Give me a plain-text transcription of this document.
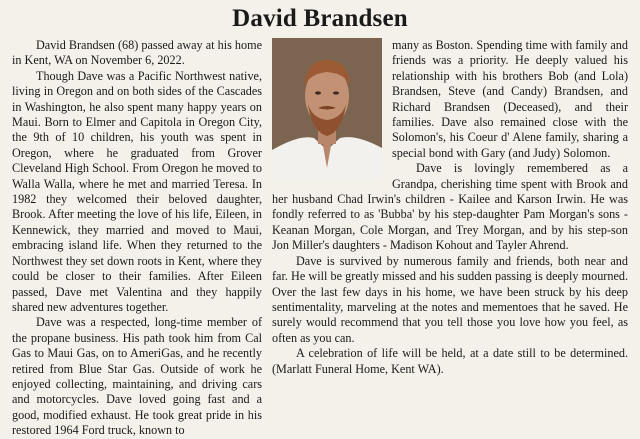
David Brandsen

David Brandsen (68) passed away at his home in Kent, WA on November 6, 2022.

Though Dave was a Pacific Northwest native, living in Oregon and on both sides of the Cascades in Washington, he also spent many happy years on Maui. Born to Elmer and Capitola in Oregon City, the 9th of 10 children, his youth was spent in Oregon, where he graduated from Grover Cleveland High School. From Oregon he moved to Walla Walla, where he met and married Teresa. In 1982 they welcomed their beloved daughter, Brook. After meeting the love of his life, Eileen, in Kennewick, they married and moved to Maui, embracing island life. When they returned to the Northwest they set down roots in Kent, where they could be closer to their families. After Eileen passed, Dave met Valentina and they happily shared new adventures together.

Dave was a respected, long-time member of the propane business. His path took him from Cal Gas to Maui Gas, on to AmeriGas, and he recently retired from Blue Star Gas. Outside of work he enjoyed collecting, maintaining, and driving cars and motorcycles. Dave loved going fast and a good, modified exhaust. He took great pride in his restored 1964 Ford truck, known to

many as Boston. Spending time with family and friends was a priority. He deeply valued his relationship with his brothers Bob (and Lola) Brandsen, Steve (and Candy) Brandsen, and Richard Brandsen (Deceased), and their families. Dave also remained close with the Solomon's, his Coeur d' Alene family, sharing a special bond with Gary (and Judy) Solomon.

Dave is lovingly remembered as a Grandpa, cherishing time spent with Brook and her husband Chad Irwin's children - Kailee and Karson Irwin. He was fondly referred to as 'Bubba' by his step-daughter Pam Morgan's sons - Keanan Morgan, Cole Morgan, and Trey Morgan, and by his step-son Jon Miller's daughters - Madison Kohout and Tayler Ahrend.

Dave is survived by numerous family and friends, both near and far. He will be greatly missed and his sudden passing is deeply mourned. Over the last few days in his home, we have been struck by his deep sentimentality, marveling at the notes and mementoes that he saved. He surely would recommend that you tell those you love how you feel, as often as you can.

A celebration of life will be held, at a date still to be determined. (Marlatt Funeral Home, Kent WA).
